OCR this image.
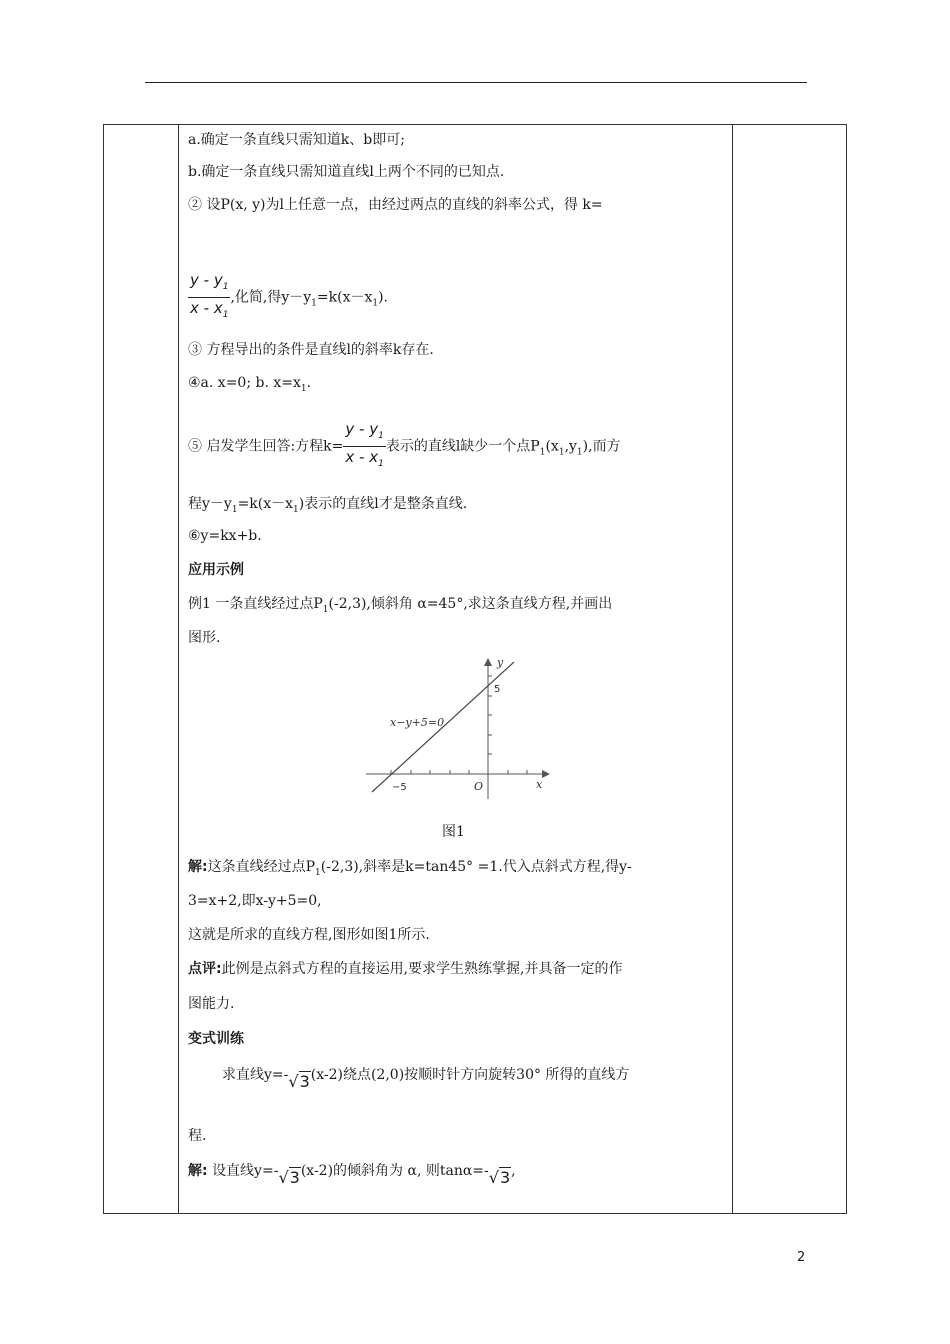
a.确定一条直线只需知道k、b即可;
b.确定一条直线只需知道直线l上两个不同的已知点.
② 设P(x, y)为l上任意一点，由经过两点的直线的斜率公式，得 k=
$\frac{y - y_1}{x - x_1}$ ,化简,得$y-y_1=k(x-x_1)$.
③ 方程导出的条件是直线l的斜率k存在.
④a. x=0; b. $x=x_1$.
⑤ 启发学生回答:方程$k= \frac{y - y_1}{x - x_1}$ 表示的直线l缺少一个点$P_1(x_1,y_1)$,而方
程$y-y_1=k(x-x_1)$表示的直线l才是整条直线.
⑥y=kx+b.
应用示例
例1 一条直线经过点$P_1(-2,3)$,倾斜角 α=45°,求这条直线方程,并画出
图形.
图1
解:这条直线经过点$P_1(-2,3)$,斜率是k=tan45° =1.代入点斜式方程,得y-
3=x+2,即x-y+5=0,
这就是所求的直线方程,图形如图1所示.
点评:此例是点斜式方程的直接运用,要求学生熟练掌握,并具备一定的作
图能力.
变式训练
求直线y=-√3(x-2)绕点(2,0)按顺时针方向旋转30° 所得的直线方
程.
解: 设直线y=-√3(x-2)的倾斜角为 α, 则tanα=-√3,
y
x
O
5
−5
x−y+5=0
2
